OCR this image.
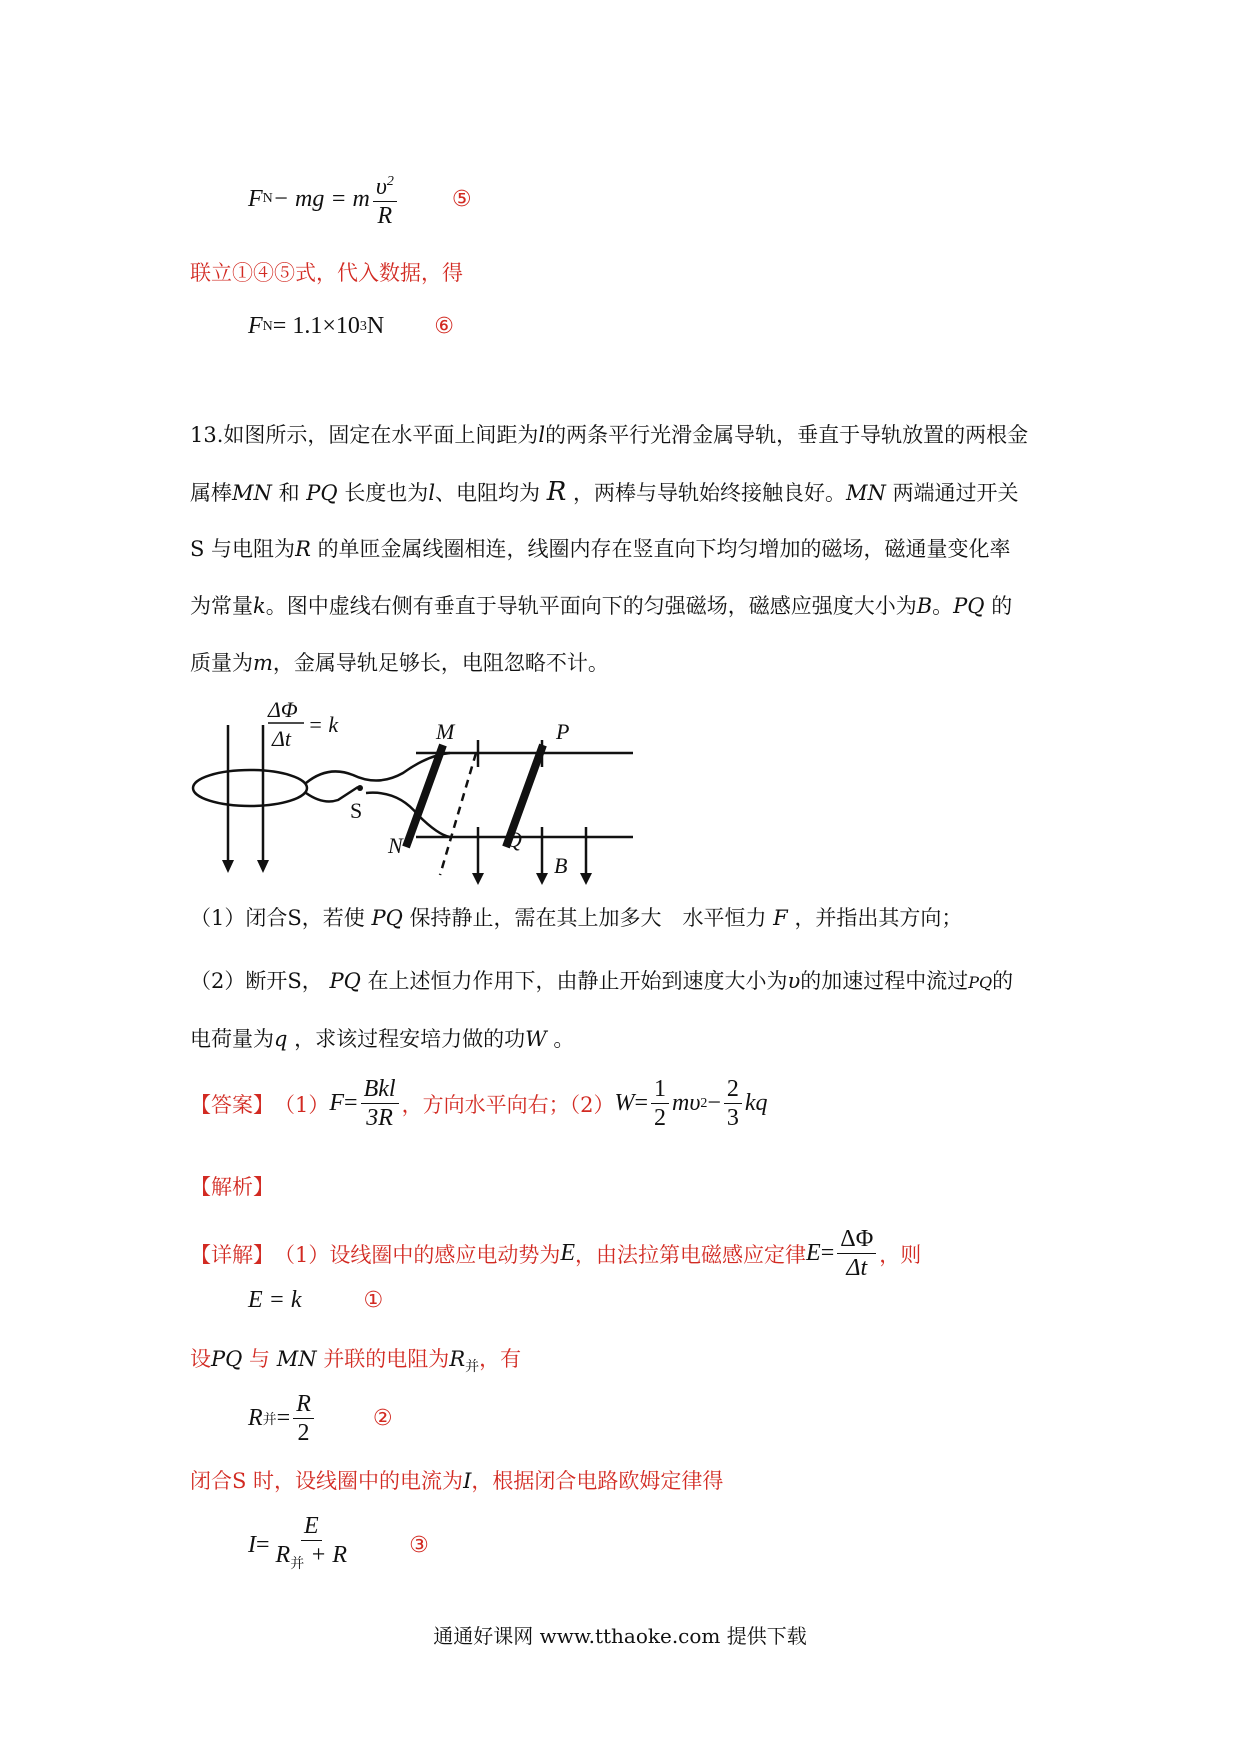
F N − mg = m $\frac{\upsilon^2}{R}$	⑤
联立①④⑤式，代入数据，得
F N = 1.1×10 3 N ⑥
13.如图所示，固定在水平面上间距为l的两条平行光滑金属导轨，垂直于导轨放置的两根金
属棒MN 和 PQ 长度也为l、电阻均为 R ，两棒与导轨始终接触良好。MN 两端通过开关
S 与电阻为R 的单匝金属线圈相连，线圈内存在竖直向下均匀增加的磁场，磁通量变化率
为常量k。图中虚线右侧有垂直于导轨平面向下的匀强磁场，磁感应强度大小为B。PQ 的
质量为m，金属导轨足够长，电阻忽略不计。
ΔΦ
Δt
= k	M	P
N	Q
S
B
（1）闭合S，若使 PQ 保持静止，需在其上加多大　水平恒力 F ，并指出其方向；
（2）断开S， PQ 在上述恒力作用下，由静止开始到速度大小为υ的加速过程中流过PQ的
电荷量为q ，求该过程安培力做的功W 。
【答案】 （1） $F = \frac{\text{Bkl}}{3R}$ ，方向水平向右；（2） $W = \frac{1}{2}$ mυ $2 - \frac{2}{3}$ kq
【解析】
【详解】 （1）设线圈中的感应电动势为 E ，由法拉第电磁感应定律 $E = \frac{\Delta\Phi}{\Delta t}$ ，则
E = k	①
设PQ 与 MN 并联的电阻为$R_并$，有
R 并 = $\frac{R}{2}$	②
闭合S 时，设线圈中的电流为I，根据闭合电路欧姆定律得
$I = \frac{E}{R_并 + R}$	③
通通好课网 www.tthaoke.com 提供下载
